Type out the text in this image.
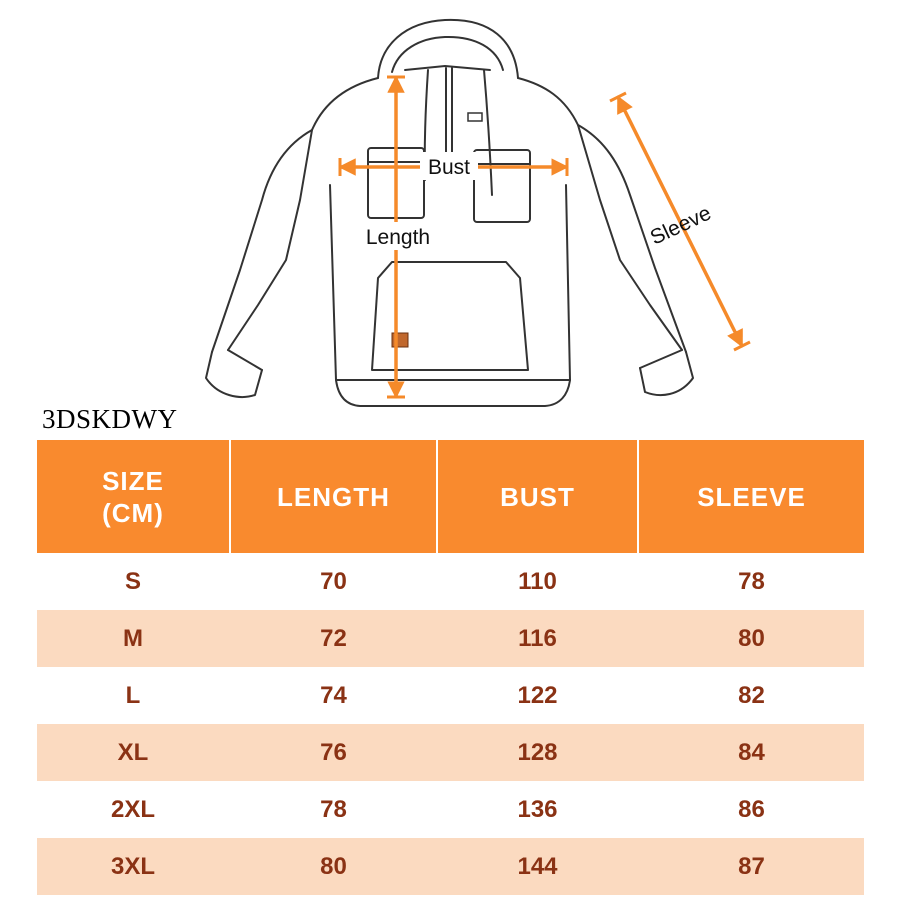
Bust
Length	Sleeve
3DSKDWY
SIZE
(CM)
LENGTH	BUST	SLEEVE
S	70	110	78
M	72	116	80
L	74	122	82
XL	76	128	84
2XL	78	136	86
3XL	80	144	87
